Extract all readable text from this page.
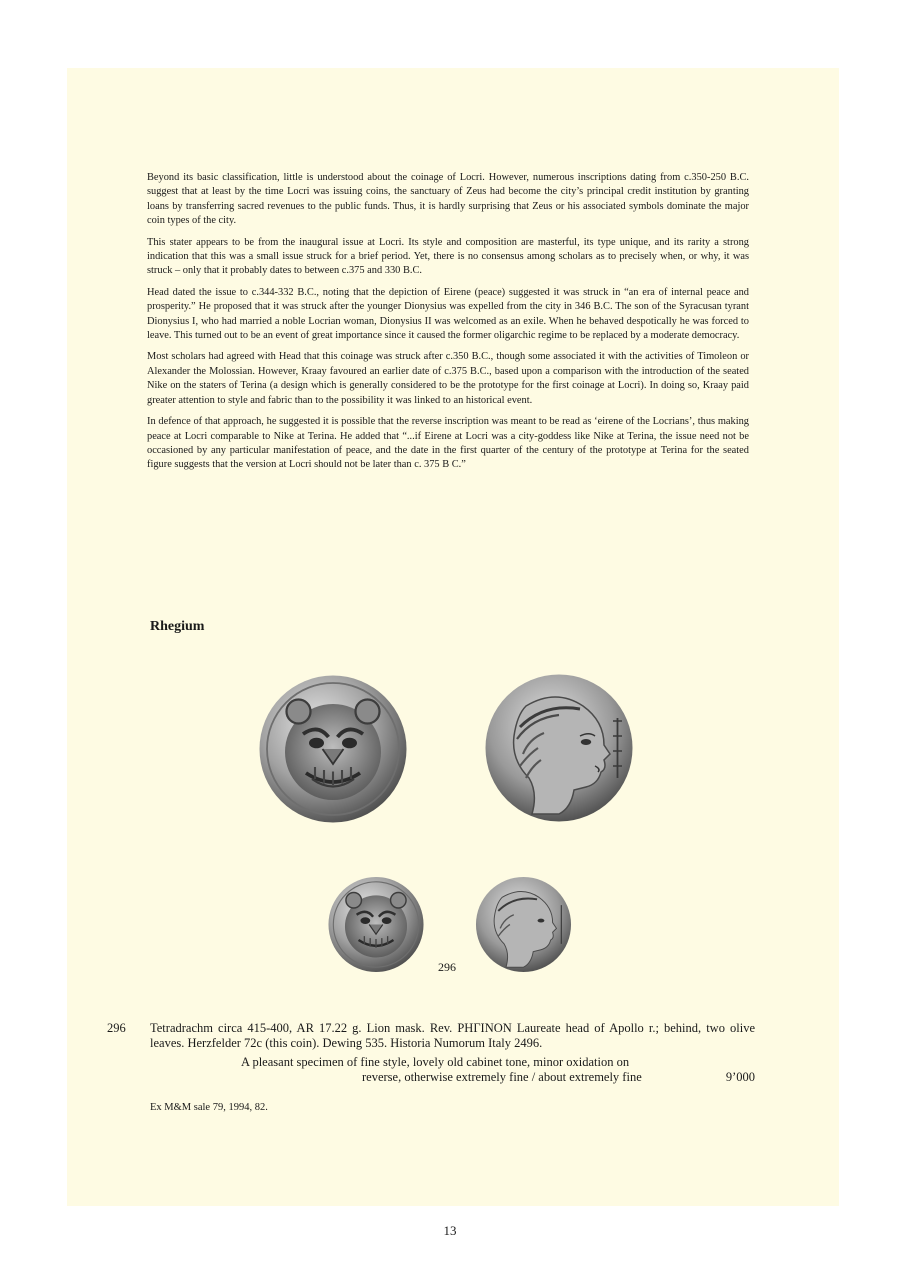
Beyond its basic classification, little is understood about the coinage of Locri. However, numerous inscriptions dating from c.350-250 B.C. suggest that at least by the time Locri was issuing coins, the sanctuary of Zeus had become the city’s principal credit institution by granting loans by transferring sacred revenues to the public funds. Thus, it is hardly surprising that Zeus or his associated symbols dominate the major coin types of the city.

This stater appears to be from the inaugural issue at Locri. Its style and composition are masterful, its type unique, and its rarity a strong indication that this was a small issue struck for a brief period. Yet, there is no consensus among scholars as to precisely when, or why, it was struck – only that it probably dates to between c.375 and 330 B.C.

Head dated the issue to c.344-332 B.C., noting that the depiction of Eirene (peace) suggested it was struck in “an era of internal peace and prosperity.” He proposed that it was struck after the younger Dionysius was expelled from the city in 346 B.C. The son of the Syracusan tyrant Dionysius I, who had married a noble Locrian woman, Dionysius II was welcomed as an exile. When he behaved despotically he was forced to leave. This turned out to be an event of great importance since it caused the former oligarchic regime to be replaced by a moderate democracy.

Most scholars had agreed with Head that this coinage was struck after c.350 B.C., though some associated it with the activities of Timoleon or Alexander the Molossian. However, Kraay favoured an earlier date of c.375 B.C., based upon a comparison with the introduction of the seated Nike on the staters of Terina (a design which is generally considered to be the prototype for the first coinage at Locri). In doing so, Kraay paid greater attention to style and fabric than to the possibility it was linked to an historical event.

In defence of that approach, he suggested it is possible that the reverse inscription was meant to be read as ‘eirene of the Locrians’, thus making peace at Locri comparable to Nike at Terina. He added that “...if Eirene at Locri was a city-goddess like Nike at Terina, the issue need not be occasioned by any particular manifestation of peace, and the date in the first quarter of the century of the prototype at Terina for the seated figure suggests that the version at Locri should not be later than c. 375 B C.”

Rhegium
296
296 Tetradrachm circa 415-400, AR 17.22 g. Lion mask. Rev. ΡΗΓΙΝΟΝ Laureate head of Apollo r.; behind, two olive leaves. Herzfelder 72c (this coin). Dewing 535. Historia Numorum Italy 2496.
A pleasant specimen of fine style, lovely old cabinet tone, minor oxidation on
reverse, otherwise extremely fine / about extremely fine	9’000
Ex M&M sale 79, 1994, 82.
13
